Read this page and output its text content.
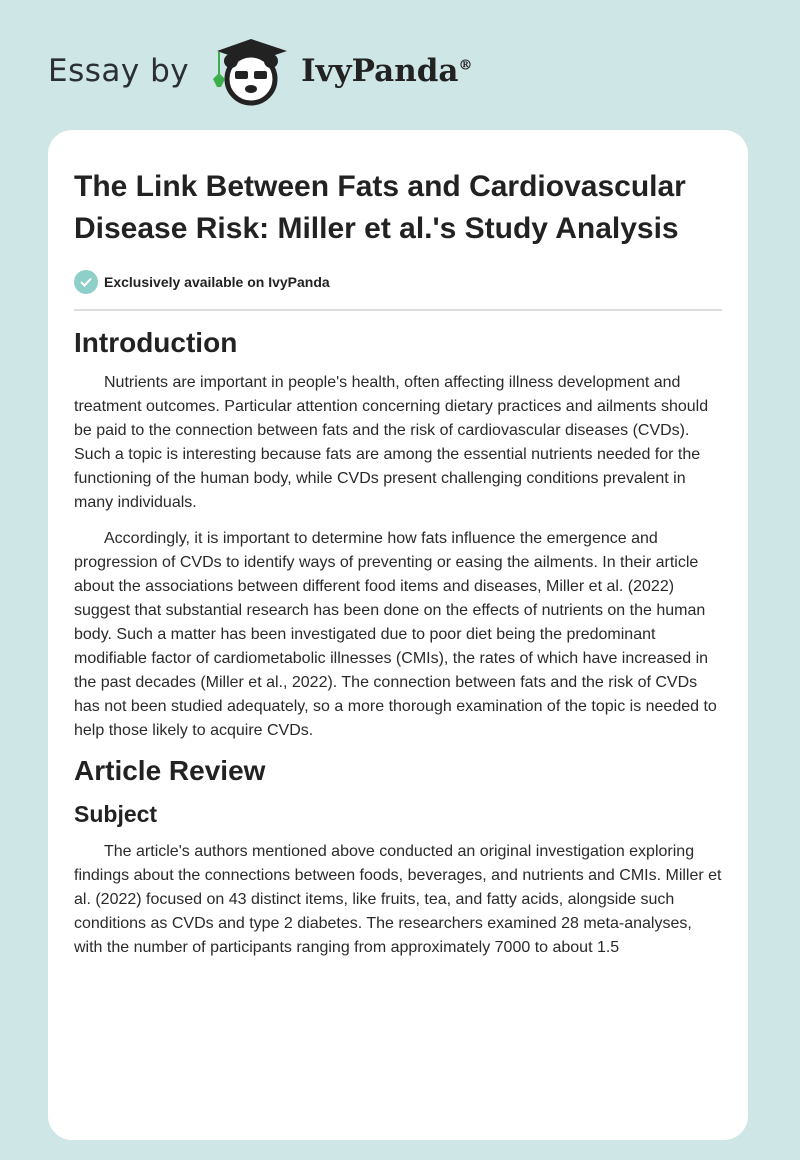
Essay by	IvyPanda®
The Link Between Fats and Cardiovascular Disease Risk: Miller et al.'s Study Analysis
Exclusively available on IvyPanda
Introduction

Nutrients are important in people's health, often affecting illness development and treatment outcomes. Particular attention concerning dietary practices and ailments should be paid to the connection between fats and the risk of cardiovascular diseases (CVDs). Such a topic is interesting because fats are among the essential nutrients needed for the functioning of the human body, while CVDs present challenging conditions prevalent in many individuals.

Accordingly, it is important to determine how fats influence the emergence and progression of CVDs to identify ways of preventing or easing the ailments. In their article about the associations between different food items and diseases, Miller et al. (2022) suggest that substantial research has been done on the effects of nutrients on the human body. Such a matter has been investigated due to poor diet being the predominant modifiable factor of cardiometabolic illnesses (CMIs), the rates of which have increased in the past decades (Miller et al., 2022). The connection between fats and the risk of CVDs has not been studied adequately, so a more thorough examination of the topic is needed to help those likely to acquire CVDs.

Article Review
Subject

The article's authors mentioned above conducted an original investigation exploring findings about the connections between foods, beverages, and nutrients and CMIs. Miller et al. (2022) focused on 43 distinct items, like fruits, tea, and fatty acids, alongside such conditions as CVDs and type 2 diabetes. The researchers examined 28 meta-analyses, with the number of participants ranging from approximately 7000 to about 1.5
